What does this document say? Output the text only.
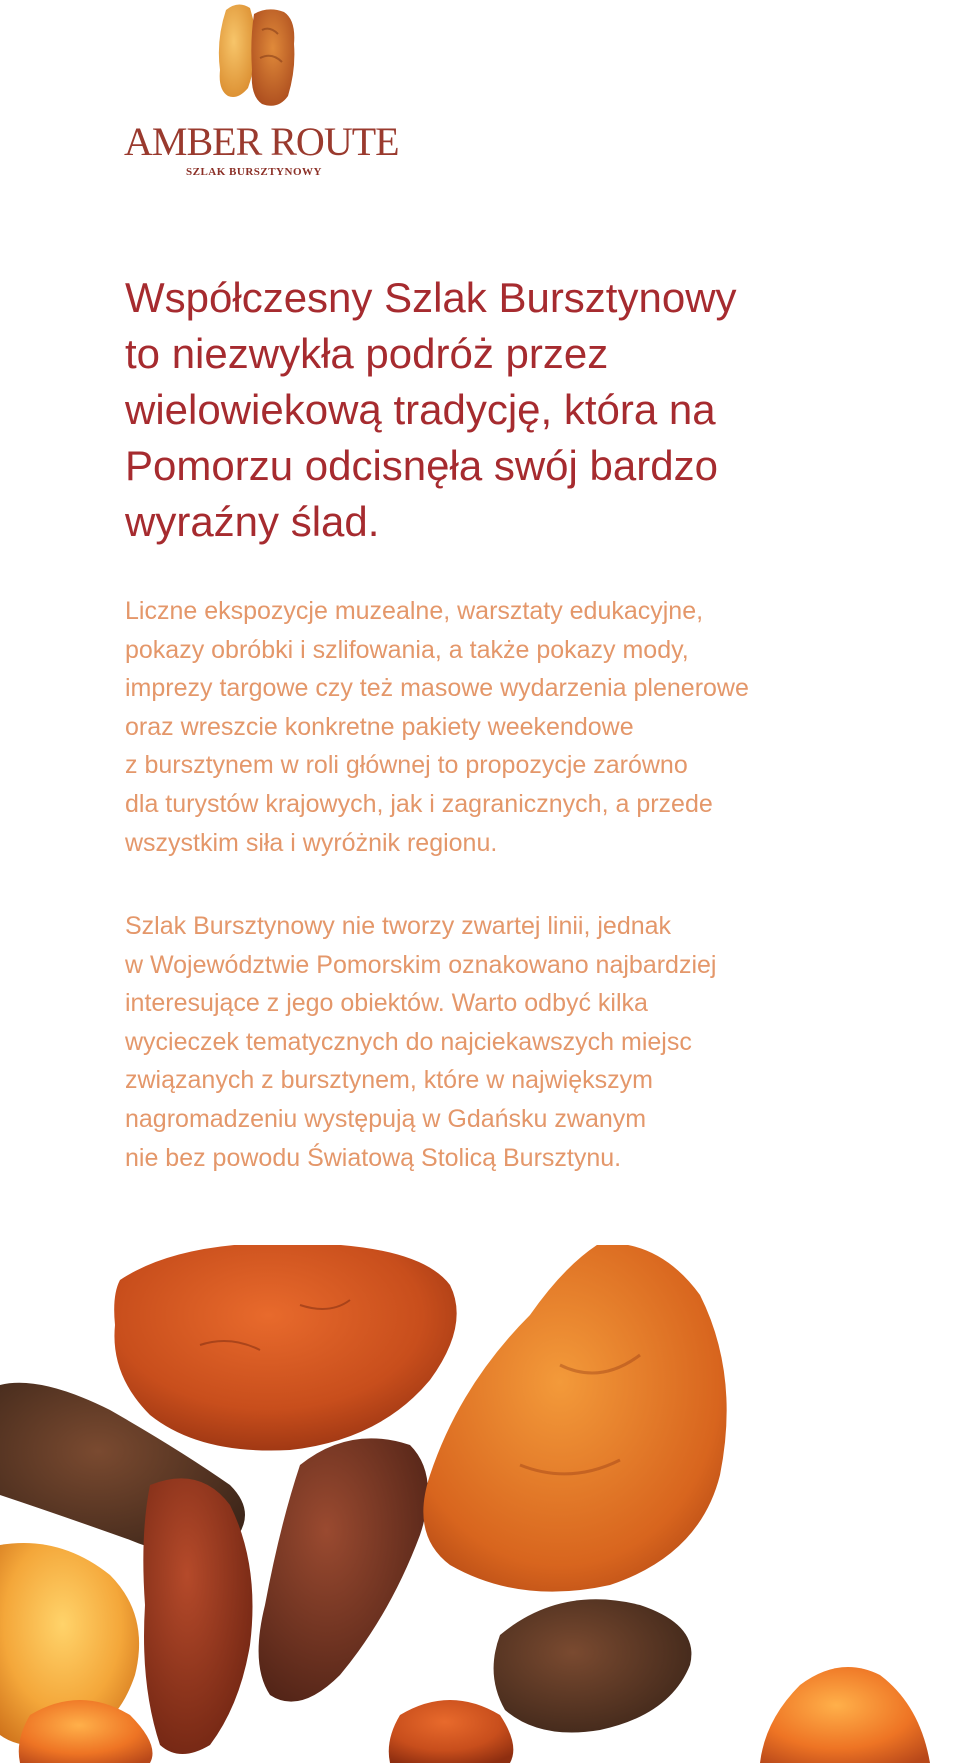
AMBER ROUTE
SZLAK BURSZTYNOWY
Współczesny Szlak Bursztynowy
to niezwykła podróż przez
wielowiekową tradycję, która na
Pomorzu odcisnęła swój bardzo
wyraźny ślad.

Liczne ekspozycje muzealne, warsztaty edukacyjne,
pokazy obróbki i szlifowania, a także pokazy mody,
imprezy targowe czy też masowe wydarzenia plenerowe
oraz wreszcie konkretne pakiety weekendowe
z bursztynem w roli głównej to propozycje zarówno
dla turystów krajowych, jak i zagranicznych, a przede
wszystkim siła i wyróżnik regionu.

Szlak Bursztynowy nie tworzy zwartej linii, jednak
w Województwie Pomorskim oznakowano najbardziej
interesujące z jego obiektów. Warto odbyć kilka
wycieczek tematycznych do najciekawszych miejsc
związanych z bursztynem, które w największym
nagromadzeniu występują w Gdańsku zwanym
nie bez powodu Światową Stolicą Bursztynu.
